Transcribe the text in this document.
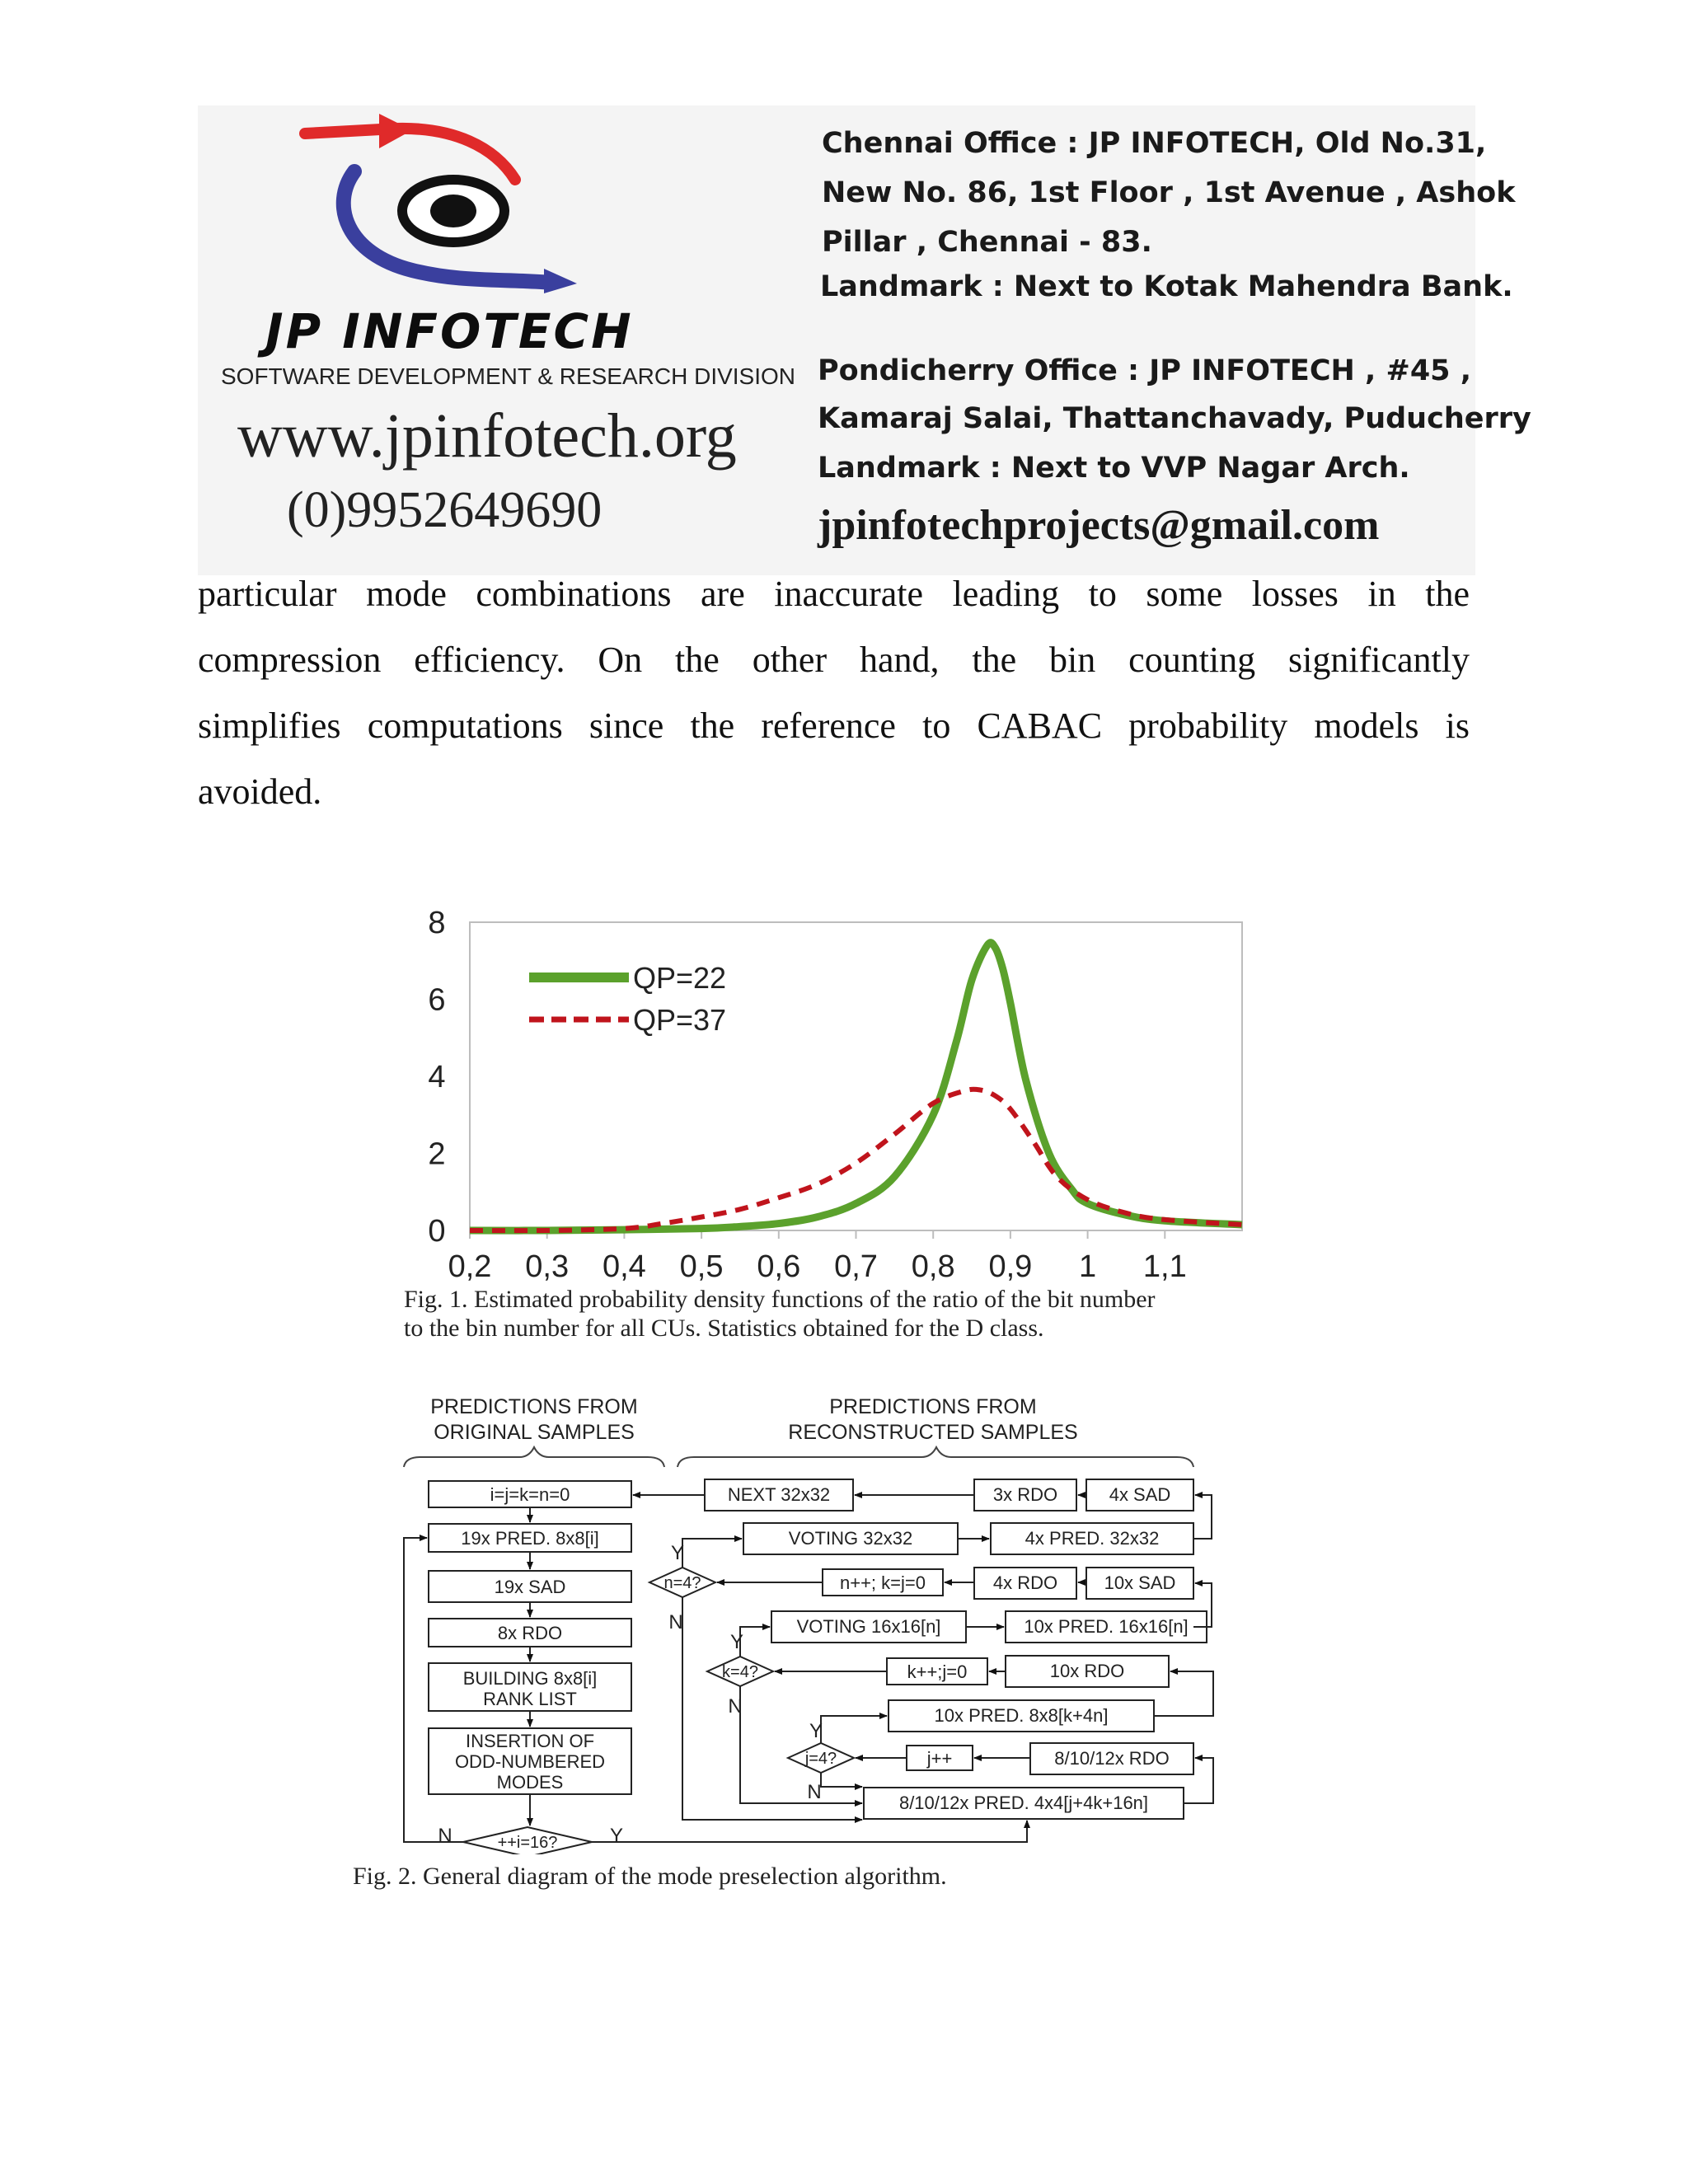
JP INFOTECH
SOFTWARE DEVELOPMENT & RESEARCH DIVISION
www.jpinfotech.org
(0)9952649690
Chennai Office : JP INFOTECH, Old No.31,
New No. 86, 1st Floor , 1st Avenue , Ashok
Pillar , Chennai - 83.
Landmark : Next to Kotak Mahendra Bank.
Pondicherry Office : JP INFOTECH , #45 ,
Kamaraj Salai, Thattanchavady, Puducherry
Landmark : Next to VVP Nagar Arch.
jpinfotechprojects@gmail.com
particular mode combinations are inaccurate leading to some losses in the
compression efficiency. On the other hand, the bin counting significantly
simplifies computations since the reference to CABAC probability models is
avoided.
0,2 0,3 0,4 0,5 0,6 0,7 0,8 0,9 1 1,1
0
2
4
6
8
QP=22
QP=37
Fig. 1. Estimated probability density functions of the ratio of the bit number
to the bin number for all CUs. Statistics obtained for the D class.
PREDICTIONS FROM
ORIGINAL SAMPLES
PREDICTIONS FROM
RECONSTRUCTED SAMPLES
i=j=k=n=0
19x PRED. 8x8[i]
19x SAD
8x RDO
BUILDING 8x8[i]
RANK LIST
INSERTION OF
ODD-NUMBERED
MODES
NEXT 32x32	3x RDO	4x SAD
VOTING 32x32	4x PRED. 32x32
n++; k=j=0	4x RDO	10x SAD
VOTING 16x16[n]	10x PRED. 16x16[n]
k++;j=0	10x RDO
10x PRED. 8x8[k+4n]
j++	8/10/12x RDO
8/10/12x PRED. 4x4[j+4k+16n]
n=4?
k=4?
j=4?
++i=16?
Y
N
Y
N
Y
N
N	Y
Fig. 2. General diagram of the mode preselection algorithm.
